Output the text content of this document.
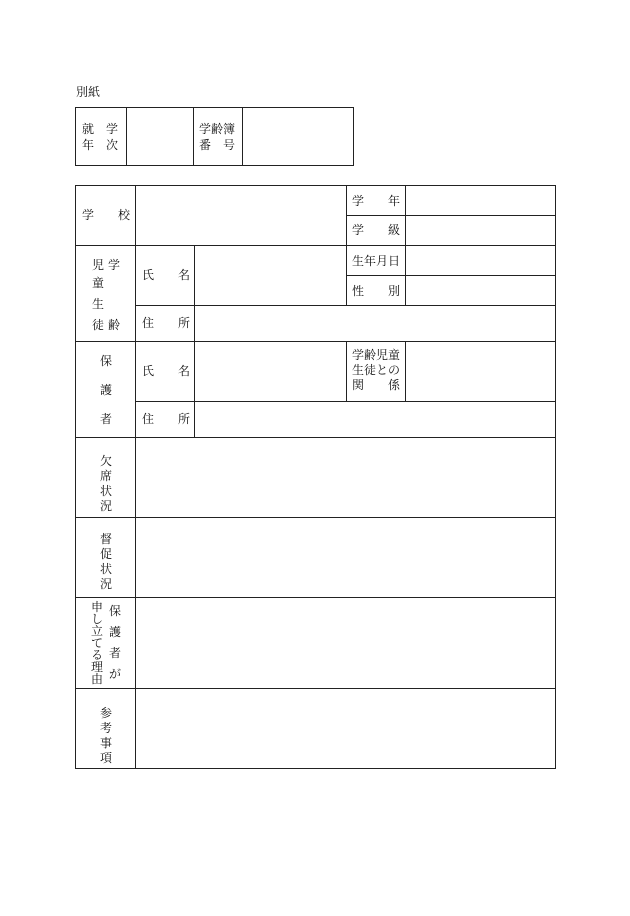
別紙
就　学
年　次
学齢簿
番　号
学　　校
学　　年
学　　級
児 学
童
生
徒 齢
氏　　名
生年月日
性　　別
住　　所
保
護
者
氏　　名
学齢児童
生徒との
関　　係
住　　所
欠席状況
督促状況
申し立てる理由
保護者が
参考事項
